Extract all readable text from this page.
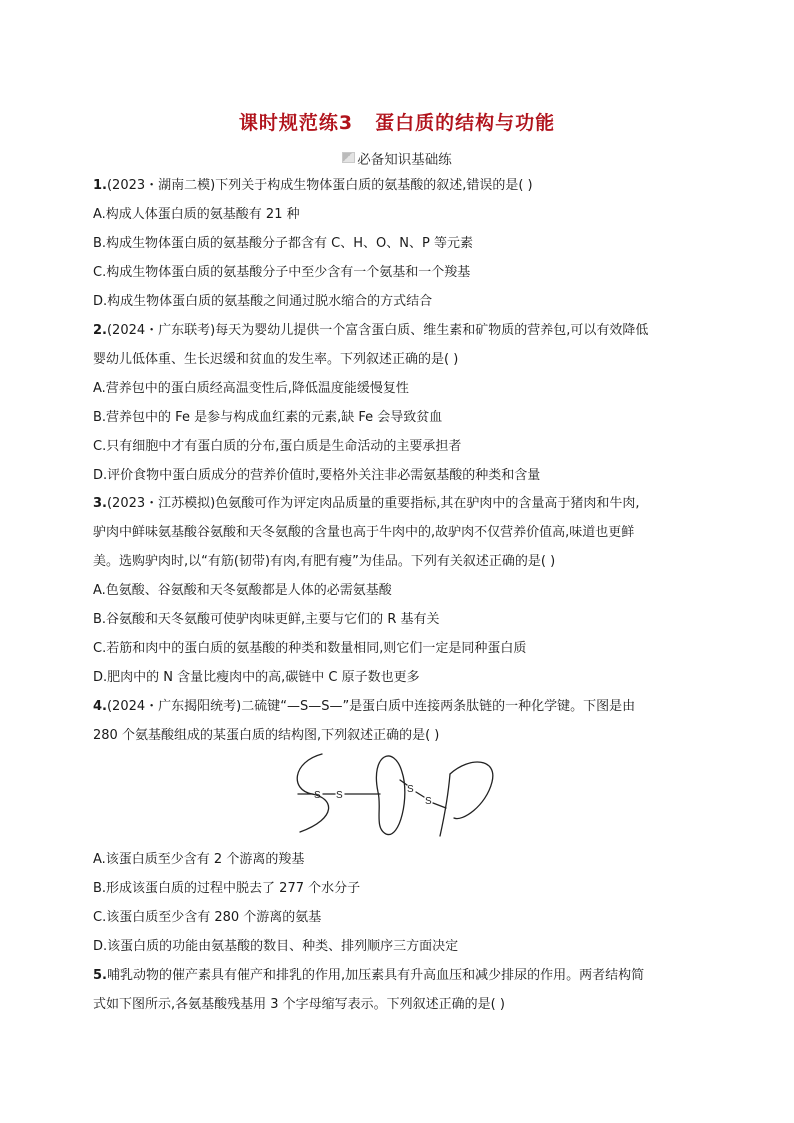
课时规范练3 蛋白质的结构与功能
必备知识基础练
1.(2023・湖南二模)下列关于构成生物体蛋白质的氨基酸的叙述,错误的是( )
A.构成人体蛋白质的氨基酸有 21 种
B.构成生物体蛋白质的氨基酸分子都含有 C、H、O、N、P 等元素
C.构成生物体蛋白质的氨基酸分子中至少含有一个氨基和一个羧基
D.构成生物体蛋白质的氨基酸之间通过脱水缩合的方式结合
2.(2024・广东联考)每天为婴幼儿提供一个富含蛋白质、维生素和矿物质的营养包,可以有效降低
婴幼儿低体重、生长迟缓和贫血的发生率。下列叙述正确的是( )
A.营养包中的蛋白质经高温变性后,降低温度能缓慢复性
B.营养包中的 Fe 是参与构成血红素的元素,缺 Fe 会导致贫血
C.只有细胞中才有蛋白质的分布,蛋白质是生命活动的主要承担者
D.评价食物中蛋白质成分的营养价值时,要格外关注非必需氨基酸的种类和含量
3.(2023・江苏模拟)色氨酸可作为评定肉品质量的重要指标,其在驴肉中的含量高于猪肉和牛肉,
驴肉中鲜味氨基酸谷氨酸和天冬氨酸的含量也高于牛肉中的,故驴肉不仅营养价值高,味道也更鲜
美。选购驴肉时,以“有筋(韧带)有肉,有肥有瘦”为佳品。下列有关叙述正确的是( )
A.色氨酸、谷氨酸和天冬氨酸都是人体的必需氨基酸
B.谷氨酸和天冬氨酸可使驴肉味更鲜,主要与它们的 R 基有关
C.若筋和肉中的蛋白质的氨基酸的种类和数量相同,则它们一定是同种蛋白质
D.肥肉中的 N 含量比瘦肉中的高,碳链中 C 原子数也更多
4.(2024・广东揭阳统考)二硫键“—S—S—”是蛋白质中连接两条肽链的一种化学键。下图是由
280 个氨基酸组成的某蛋白质的结构图,下列叙述正确的是( )
S S
S
S
A.该蛋白质至少含有 2 个游离的羧基
B.形成该蛋白质的过程中脱去了 277 个水分子
C.该蛋白质至少含有 280 个游离的氨基
D.该蛋白质的功能由氨基酸的数目、种类、排列顺序三方面决定
5.哺乳动物的催产素具有催产和排乳的作用,加压素具有升高血压和减少排尿的作用。两者结构简
式如下图所示,各氨基酸残基用 3 个字母缩写表示。下列叙述正确的是( )
